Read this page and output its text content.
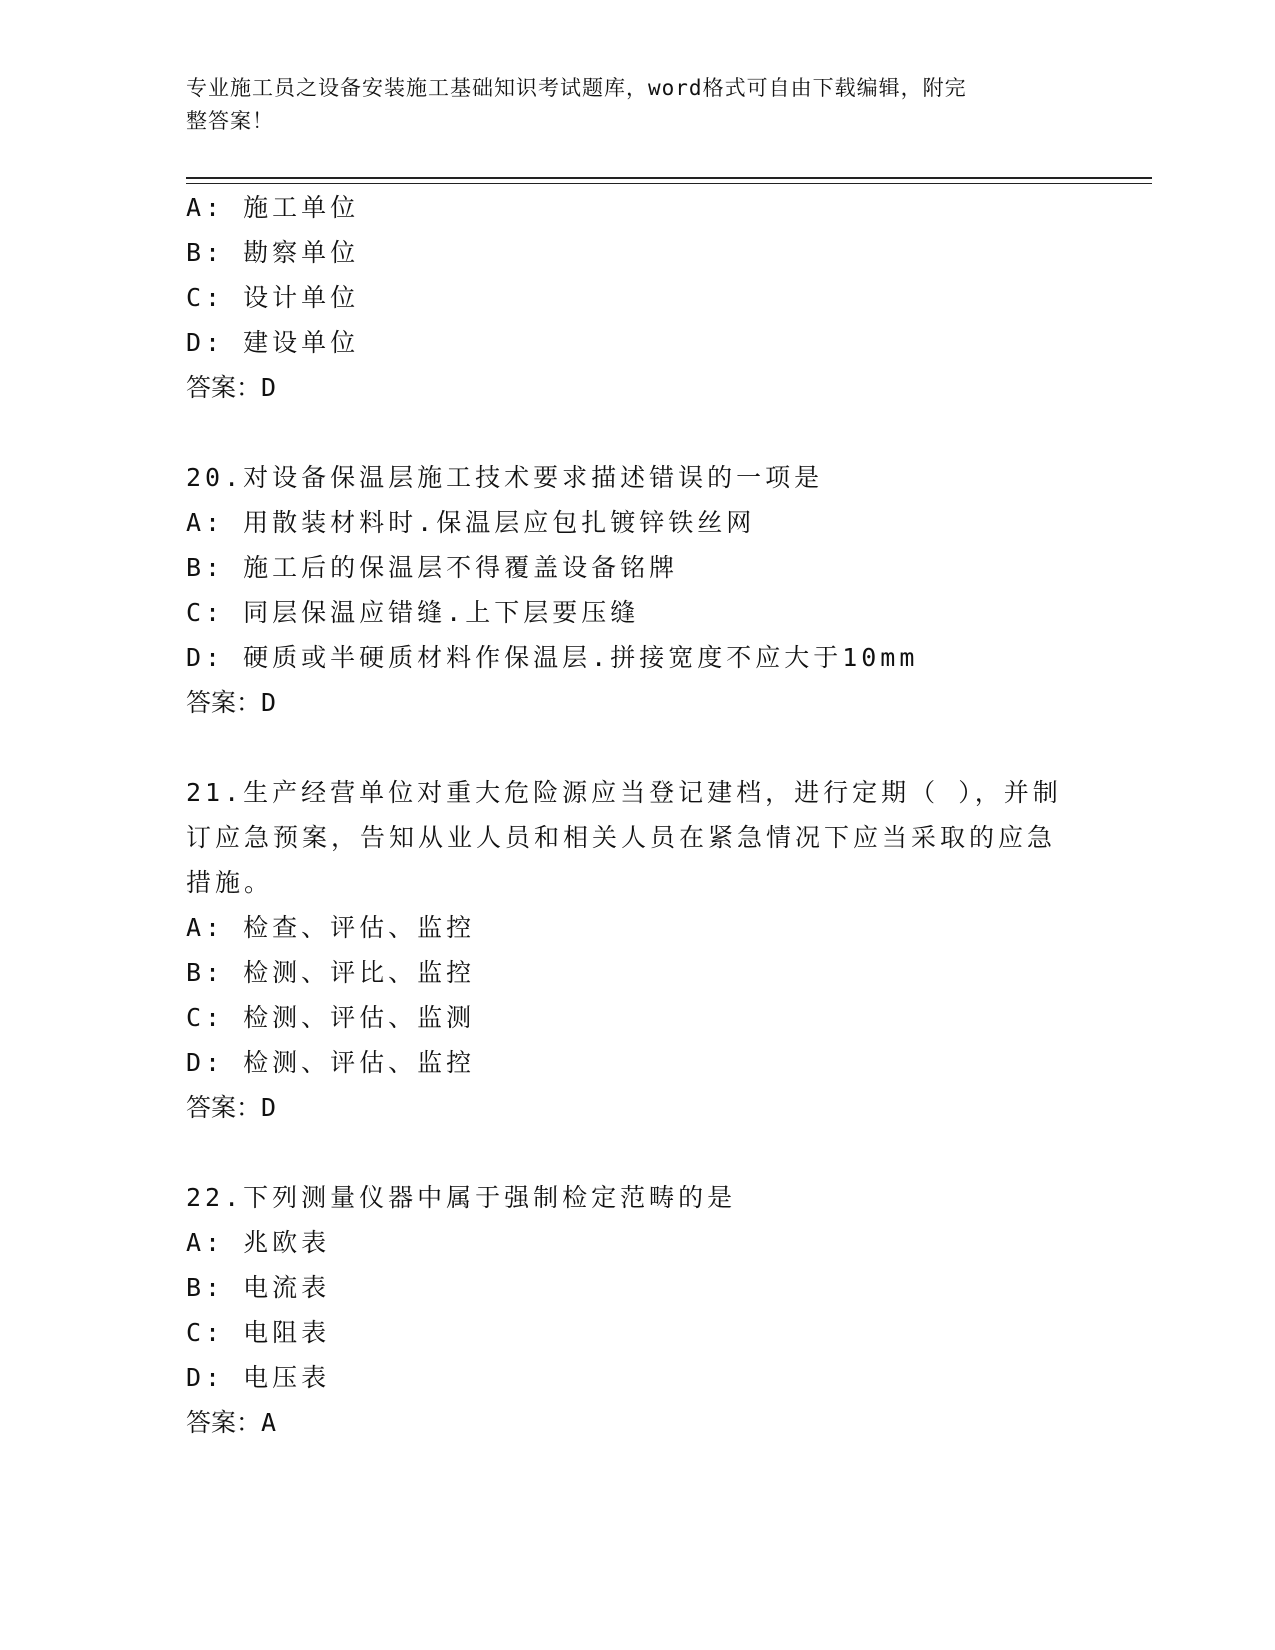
专业施工员之设备安装施工基础知识考试题库，word格式可自由下载编辑，附完
整答案！
A: 施工单位
B: 勘察单位
C: 设计单位
D: 建设单位
答案：D
20.对设备保温层施工技术要求描述错误的一项是
A: 用散装材料时.保温层应包扎镀锌铁丝网
B: 施工后的保温层不得覆盖设备铭牌
C: 同层保温应错缝.上下层要压缝
D: 硬质或半硬质材料作保温层.拼接宽度不应大于10mm
答案：D
21.生产经营单位对重大危险源应当登记建档，进行定期（ ），并制
订应急预案，告知从业人员和相关人员在紧急情况下应当采取的应急
措施。
A: 检查、评估、监控
B: 检测、评比、监控
C: 检测、评估、监测
D: 检测、评估、监控
答案：D
22.下列测量仪器中属于强制检定范畴的是
A: 兆欧表
B: 电流表
C: 电阻表
D: 电压表
答案：A
